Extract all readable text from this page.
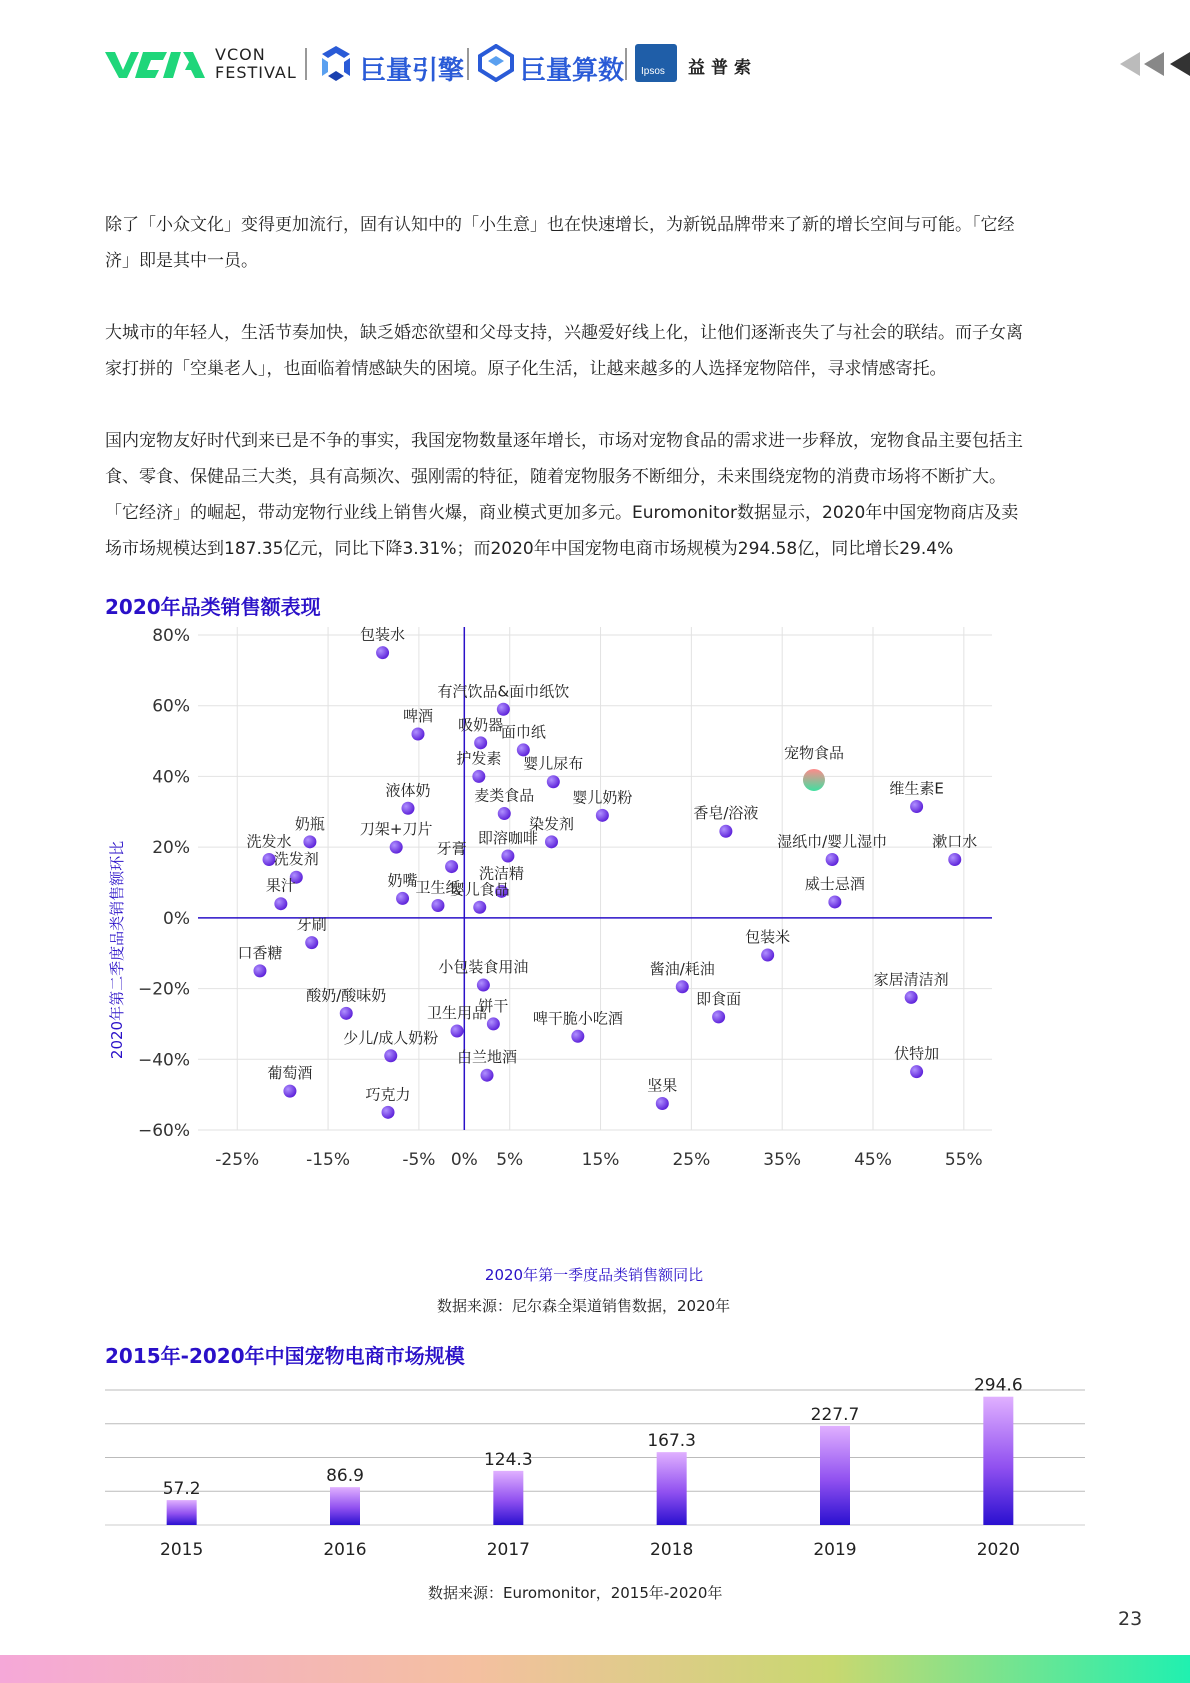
VCON
FESTIVAL 巨量引擎 巨量算数 Ipsos 益普索
除了「小众文化」变得更加流行，固有认知中的「小生意」也在快速增长，为新锐品牌带来了新的增长空间与可能。「它经
济」即是其中一员。
大城市的年轻人，生活节奏加快，缺乏婚恋欲望和父母支持，兴趣爱好线上化，让他们逐渐丧失了与社会的联结。而子女离
家打拼的「空巢老人」，也面临着情感缺失的困境。原子化生活，让越来越多的人选择宠物陪伴，寻求情感寄托。
国内宠物友好时代到来已是不争的事实，我国宠物数量逐年增长，市场对宠物食品的需求进一步释放，宠物食品主要包括主
食、零食、保健品三大类，具有高频次、强刚需的特征，随着宠物服务不断细分，未来围绕宠物的消费市场将不断扩大。
「它经济」的崛起，带动宠物行业线上销售火爆，商业模式更加多元。Euromonitor数据显示，2020年中国宠物商店及卖
场市场规模达到187.35亿元，同比下降3.31%；而2020年中国宠物电商市场规模为294.58亿，同比增长29.4%
2020年品类销售额表现
-25%	-15%	-5% 0% 5%	15%	25%	35%	45%	55%
80%
60%
40%
20%
0%
−20%
−40%
−60%
包装水
有汽饮品&面巾纸饮
啤酒 吸奶器
面巾纸
护发素 婴儿尿布
宠物食品
液体奶	麦类食品	婴儿奶粉	维生素E
香皂/浴液
奶瓶 刀架+刀片	染发剂
即溶咖啡
牙膏
洗发水
洗发剂
湿纸巾/婴儿湿巾	漱口水
洗洁精
奶嘴
果汁	卫生纸
婴儿食品	威士忌酒
牙刷
包装米
口香糖
小包装食用油	酱油/耗油
家居清洁剂
酸奶/酸味奶
饼干	即食面
卫生用品	啤干脆小吃酒
少儿/成人奶粉
白兰地酒	伏特加
葡萄酒
坚果
巧克力
2020年第一季度品类销售额同比
2020年第二季度品类销售额环比
数据来源：尼尔森全渠道销售数据，2020年
2015年-2020年中国宠物电商市场规模
57.2
2015
86.9
2016
124.3
2017
167.3
2018
227.7
2019
294.6
2020
数据来源：Euromonitor，2015年-2020年
23
